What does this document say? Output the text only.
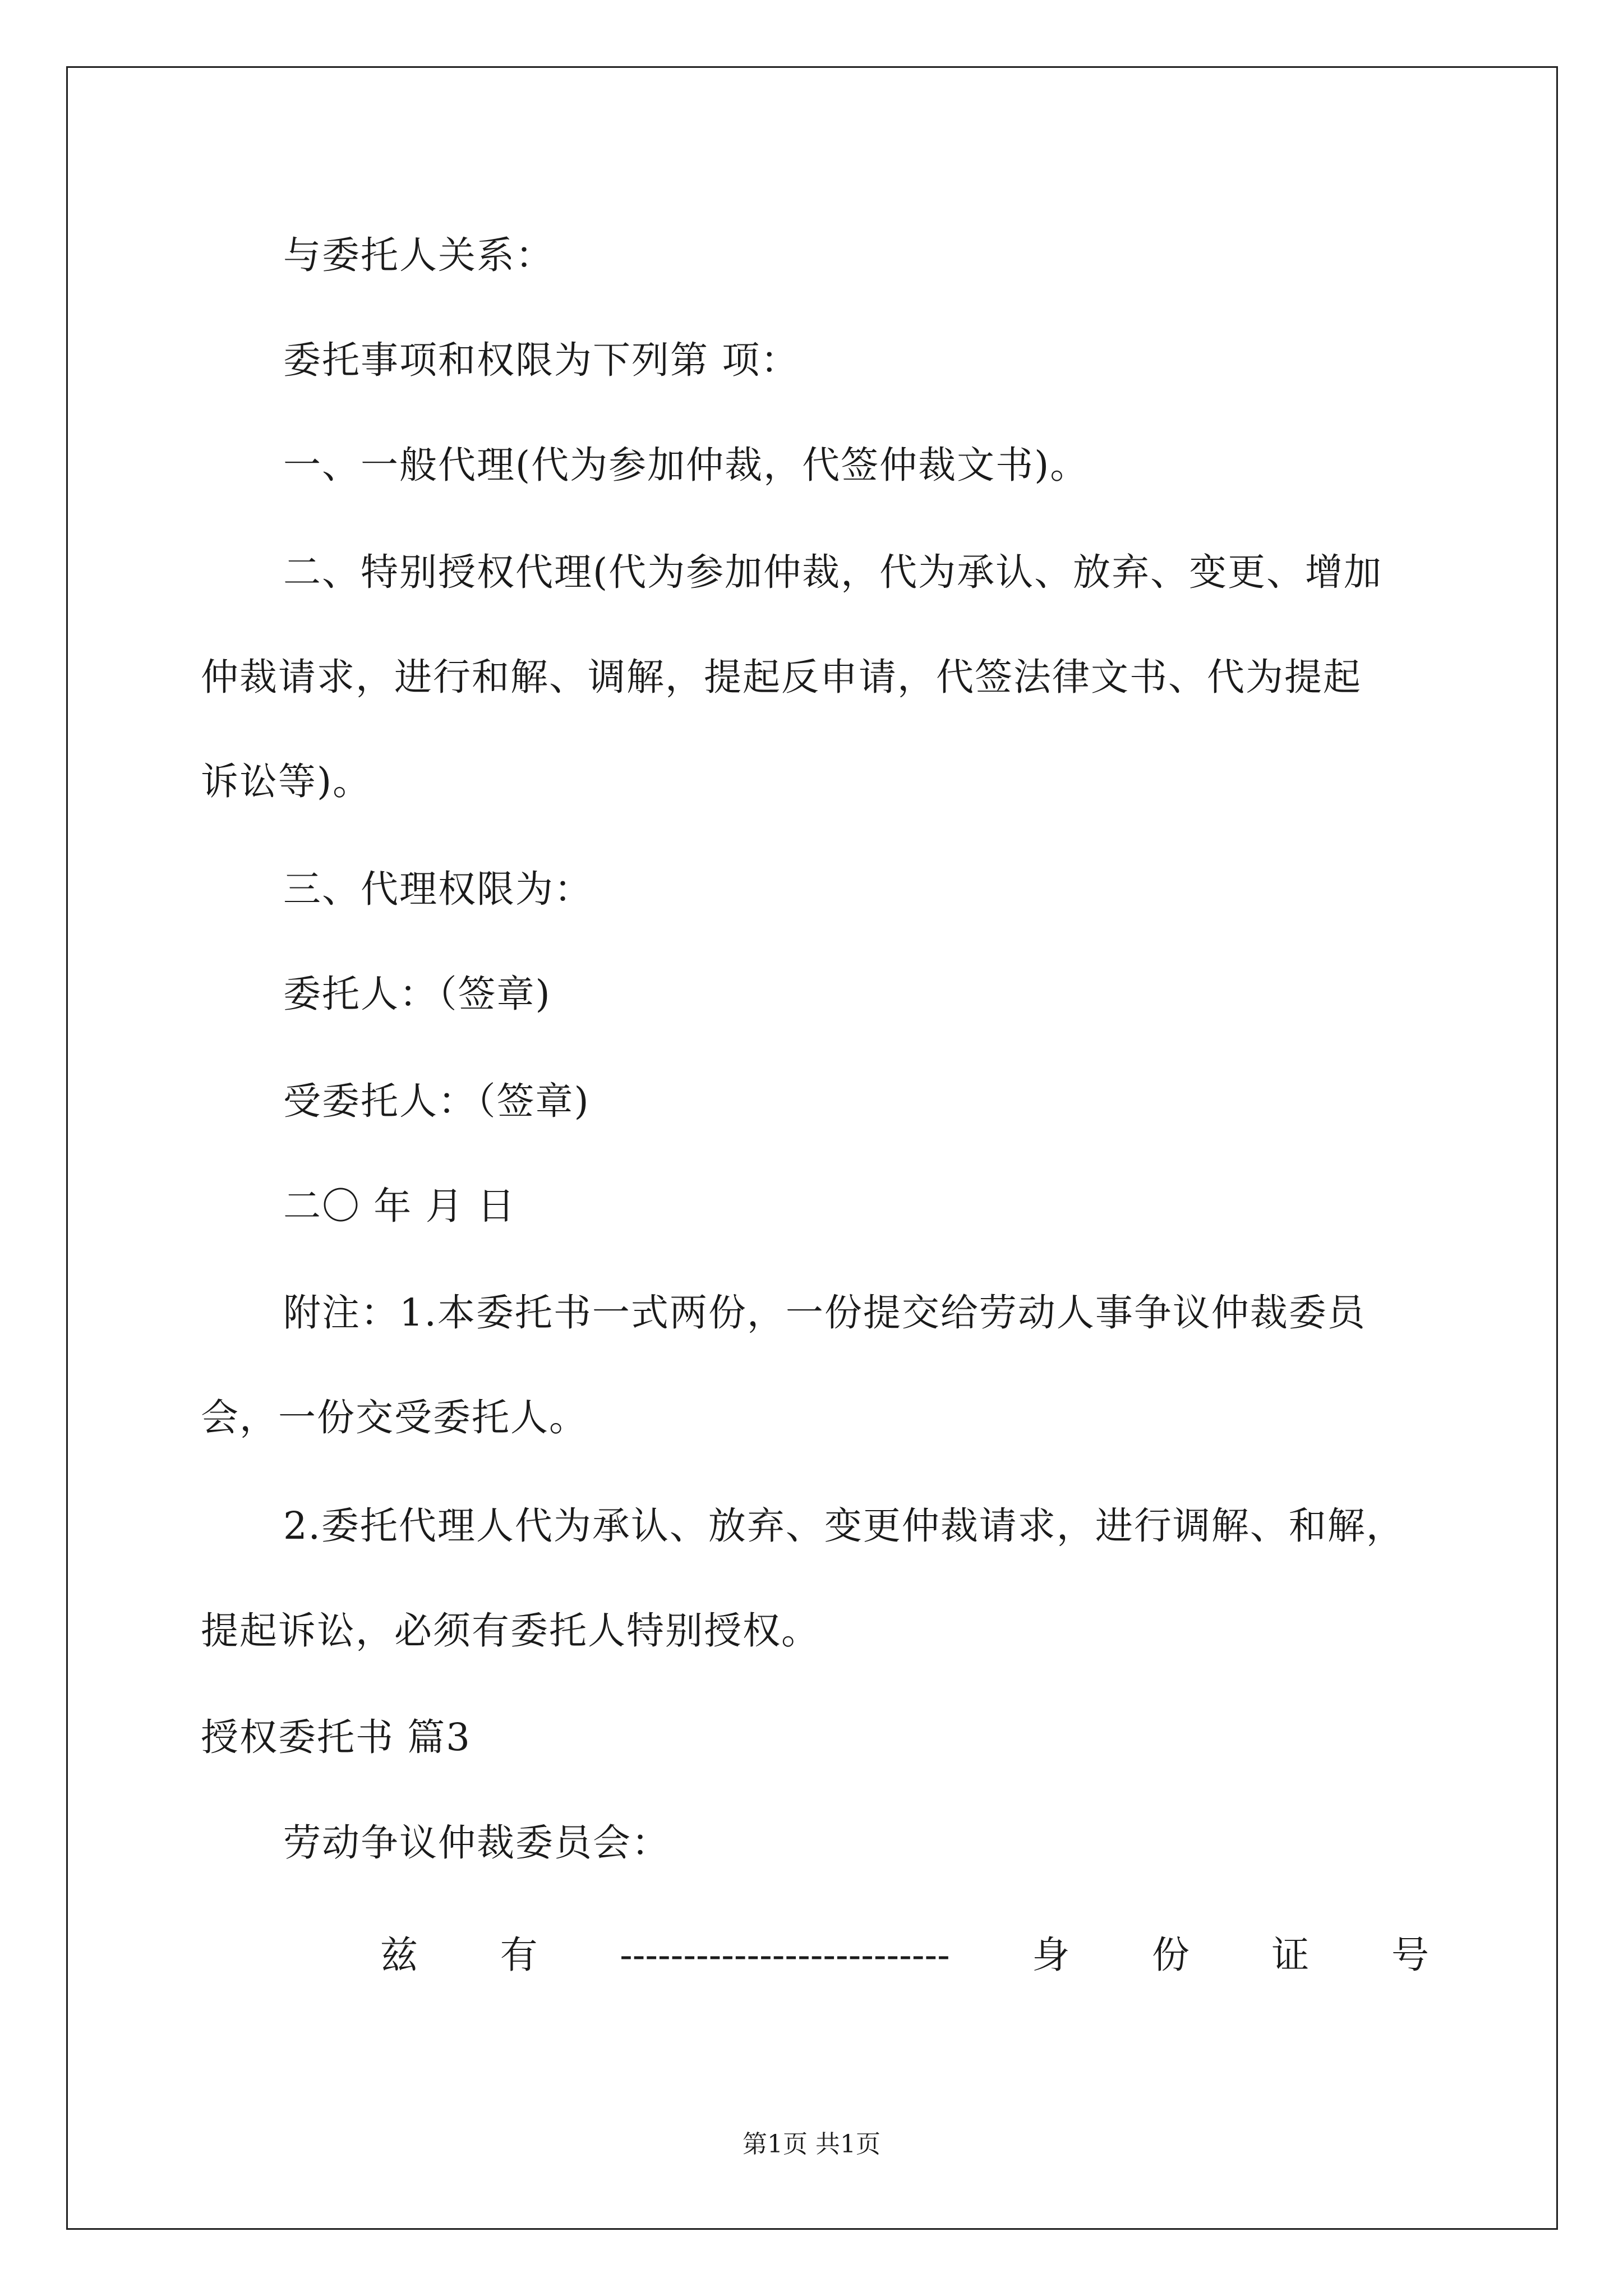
与委托人关系：
委托事项和权限为下列第 项：
一、一般代理(代为参加仲裁，代签仲裁文书)。
二、特别授权代理(代为参加仲裁，代为承认、放弃、变更、增加
仲裁请求，进行和解、调解，提起反申请，代签法律文书、代为提起
诉讼等)。
三、代理权限为：
委托人：（签章)
受委托人：（签章)
二〇 年 月 日
附注：1.本委托书一式两份，一份提交给劳动人事争议仲裁委员
会，一份交受委托人。
2.委托代理人代为承认、放弃、变更仲裁请求，进行调解、和解，
提起诉讼，必须有委托人特别授权。
授权委托书 篇3
劳动争议仲裁委员会：
兹 有 -------------------------- 身 份 证 号
第1页 共1页
